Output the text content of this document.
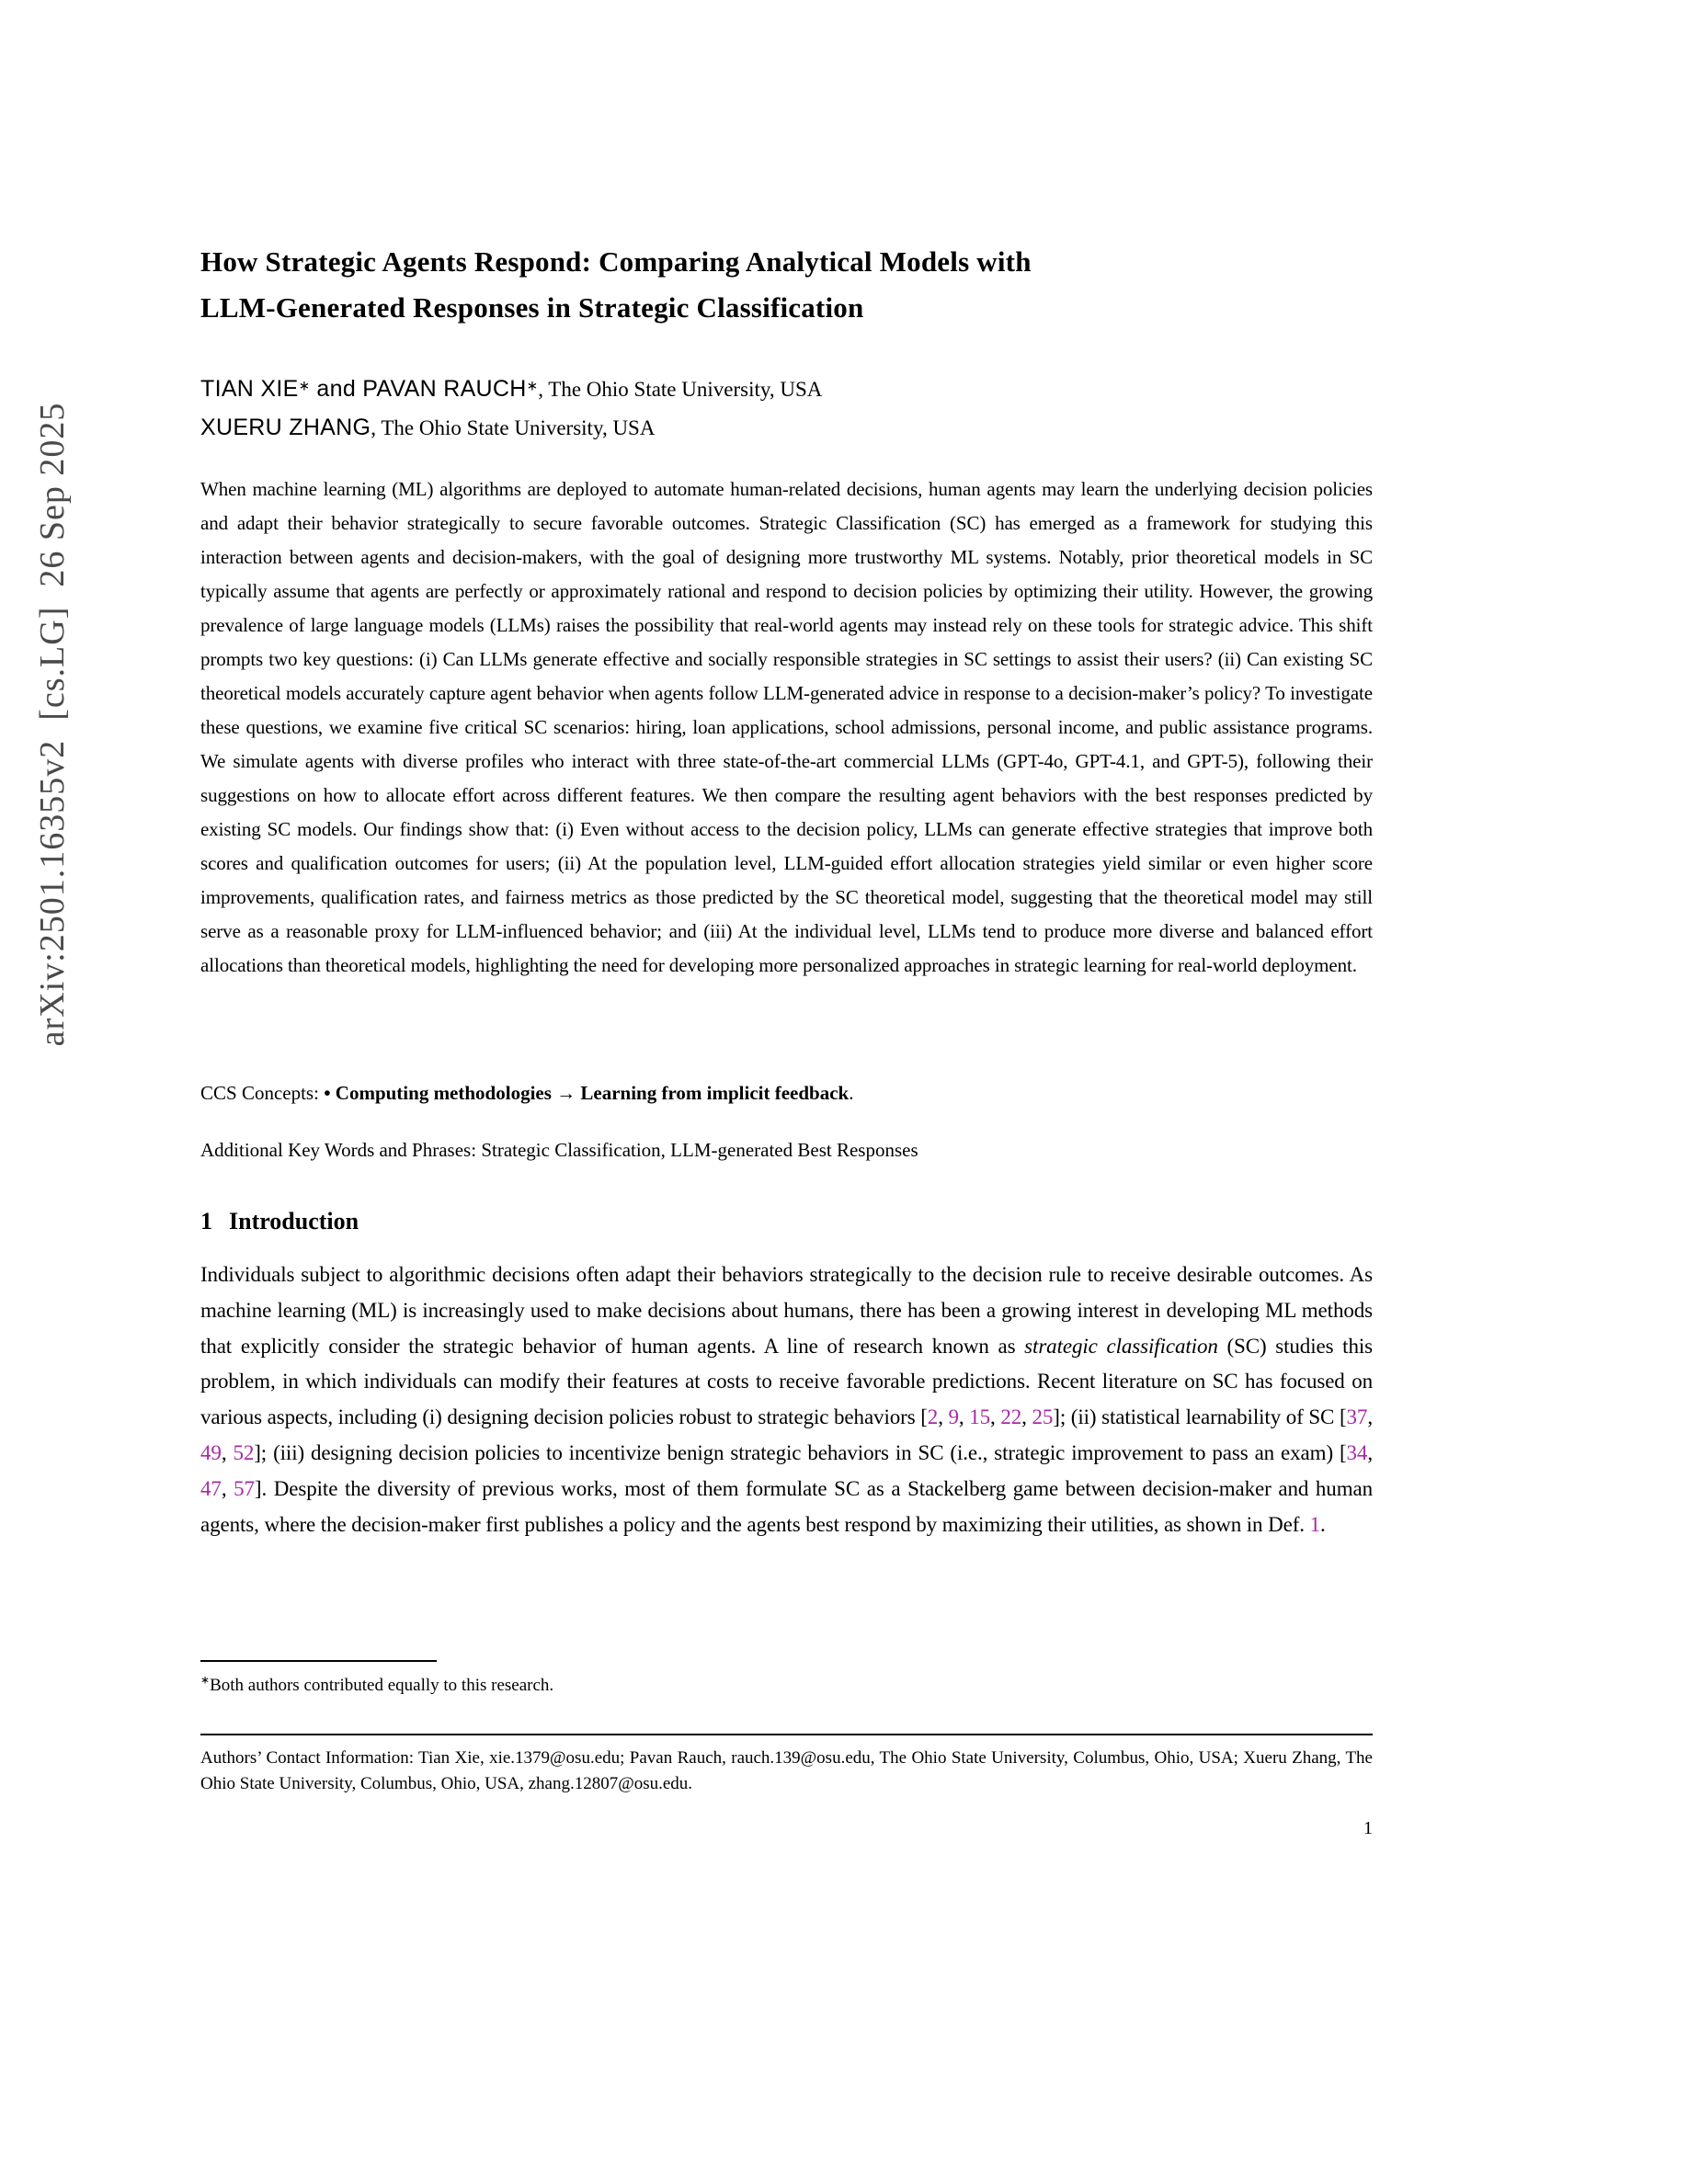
arXiv:2501.16355v2  [cs.LG]  26 Sep 2025
How Strategic Agents Respond: Comparing Analytical Models with
LLM-Generated Responses in Strategic Classification
TIAN XIE∗ and PAVAN RAUCH∗, The Ohio State University, USA
XUERU ZHANG, The Ohio State University, USA

When machine learning (ML) algorithms are deployed to automate human-related decisions, human agents may learn the underlying decision policies and adapt their behavior strategically to secure favorable outcomes. Strategic Classification (SC) has emerged as a framework for studying this interaction between agents and decision-makers, with the goal of designing more trustworthy ML systems. Notably, prior theoretical models in SC typically assume that agents are perfectly or approximately rational and respond to decision policies by optimizing their utility. However, the growing prevalence of large language models (LLMs) raises the possibility that real-world agents may instead rely on these tools for strategic advice. This shift prompts two key questions: (i) Can LLMs generate effective and socially responsible strategies in SC settings to assist their users? (ii) Can existing SC theoretical models accurately capture agent behavior when agents follow LLM-generated advice in response to a decision-maker’s policy? To investigate these questions, we examine five critical SC scenarios: hiring, loan applications, school admissions, personal income, and public assistance programs. We simulate agents with diverse profiles who interact with three state-of-the-art commercial LLMs (GPT-4o, GPT-4.1, and GPT-5), following their suggestions on how to allocate effort across different features. We then compare the resulting agent behaviors with the best responses predicted by existing SC models. Our findings show that: (i) Even without access to the decision policy, LLMs can generate effective strategies that improve both scores and qualification outcomes for users; (ii) At the population level, LLM-guided effort allocation strategies yield similar or even higher score improvements, qualification rates, and fairness metrics as those predicted by the SC theoretical model, suggesting that the theoretical model may still serve as a reasonable proxy for LLM-influenced behavior; and (iii) At the individual level, LLMs tend to produce more diverse and balanced effort allocations than theoretical models, highlighting the need for developing more personalized approaches in strategic learning for real-world deployment.

CCS Concepts: • Computing methodologies → Learning from implicit feedback.

Additional Key Words and Phrases: Strategic Classification, LLM-generated Best Responses

1 Introduction

Individuals subject to algorithmic decisions often adapt their behaviors strategically to the decision rule to receive desirable outcomes. As machine learning (ML) is increasingly used to make decisions about humans, there has been a growing interest in developing ML methods that explicitly consider the strategic behavior of human agents. A line of research known as strategic classification (SC) studies this problem, in which individuals can modify their features at costs to receive favorable predictions. Recent literature on SC has focused on various aspects, including (i) designing decision policies robust to strategic behaviors [2, 9, 15, 22, 25]; (ii) statistical learnability of SC [37, 49, 52]; (iii) designing decision policies to incentivize benign strategic behaviors in SC (i.e., strategic improvement to pass an exam) [34, 47, 57]. Despite the diversity of previous works, most of them formulate SC as a Stackelberg game between decision-maker and human agents, where the decision-maker first publishes a policy and the agents best respond by maximizing their utilities, as shown in Def. 1.

∗Both authors contributed equally to this research.

Authors’ Contact Information: Tian Xie, xie.1379@osu.edu; Pavan Rauch, rauch.139@osu.edu, The Ohio State University, Columbus, Ohio, USA; Xueru Zhang, The Ohio State University, Columbus, Ohio, USA, zhang.12807@osu.edu.

1
